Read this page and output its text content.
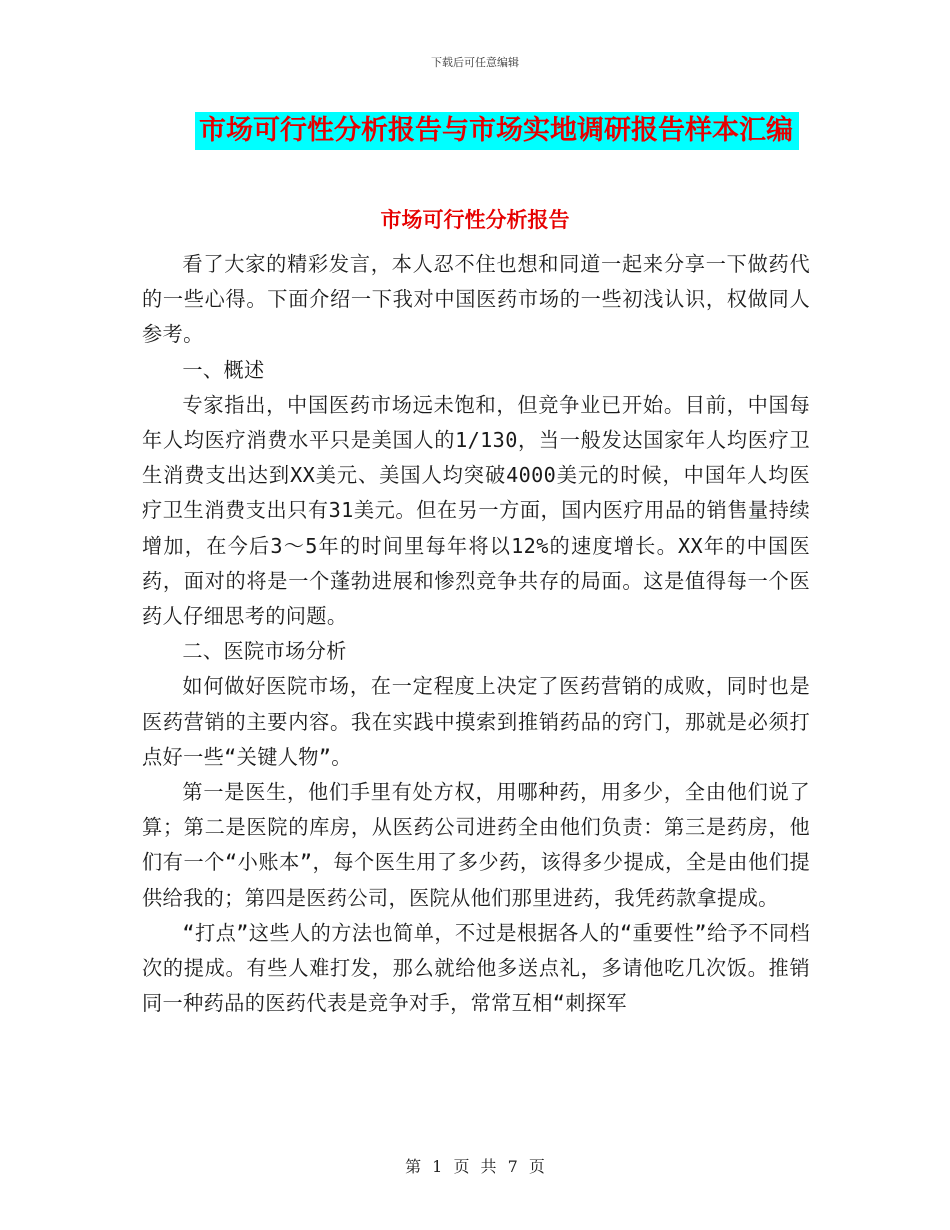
下载后可任意编辑
市场可行性分析报告与市场实地调研报告样本汇编
市场可行性分析报告

看了大家的精彩发言，本人忍不住也想和同道一起来分享一下做药代的一些心得。下面介绍一下我对中国医药市场的一些初浅认识，权做同人参考。

一、概述

专家指出，中国医药市场远未饱和，但竞争业已开始。目前，中国每年人均医疗消费水平只是美国人的1/130，当一般发达国家年人均医疗卫生消费支出达到XX美元、美国人均突破4000美元的时候，中国年人均医疗卫生消费支出只有31美元。但在另一方面，国内医疗用品的销售量持续增加，在今后3～5年的时间里每年将以12%的速度增长。XX年的中国医药，面对的将是一个蓬勃进展和惨烈竞争共存的局面。这是值得每一个医药人仔细思考的问题。

二、医院市场分析

如何做好医院市场，在一定程度上决定了医药营销的成败，同时也是医药营销的主要内容。我在实践中摸索到推销药品的窍门，那就是必须打点好一些“关键人物”。

第一是医生，他们手里有处方权，用哪种药，用多少，全由他们说了算；第二是医院的库房，从医药公司进药全由他们负责：第三是药房，他们有一个“小账本”，每个医生用了多少药，该得多少提成，全是由他们提供给我的；第四是医药公司，医院从他们那里进药，我凭药款拿提成。

“打点”这些人的方法也简单，不过是根据各人的“重要性”给予不同档次的提成。有些人难打发，那么就给他多送点礼，多请他吃几次饭。推销同一种药品的医药代表是竞争对手，常常互相“刺探军

第 1 页 共 7 页
